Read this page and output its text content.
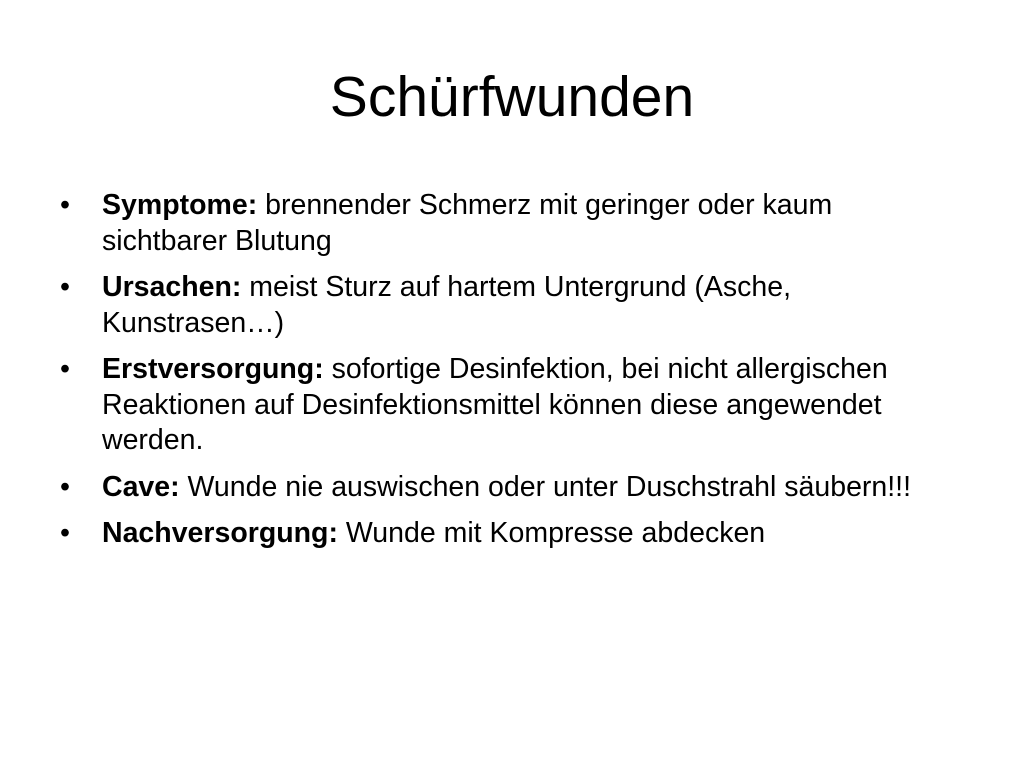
Schürfwunden
•	Symptome: brennender Schmerz mit geringer oder kaum sichtbarer Blutung
•	Ursachen: meist Sturz auf hartem Untergrund (Asche, Kunstrasen…)
•	Erstversorgung: sofortige Desinfektion, bei nicht allergischen Reaktionen auf Desinfektionsmittel können diese angewendet werden.
•	Cave: Wunde nie auswischen oder unter Duschstrahl säubern!!!
•	Nachversorgung: Wunde mit Kompresse abdecken
